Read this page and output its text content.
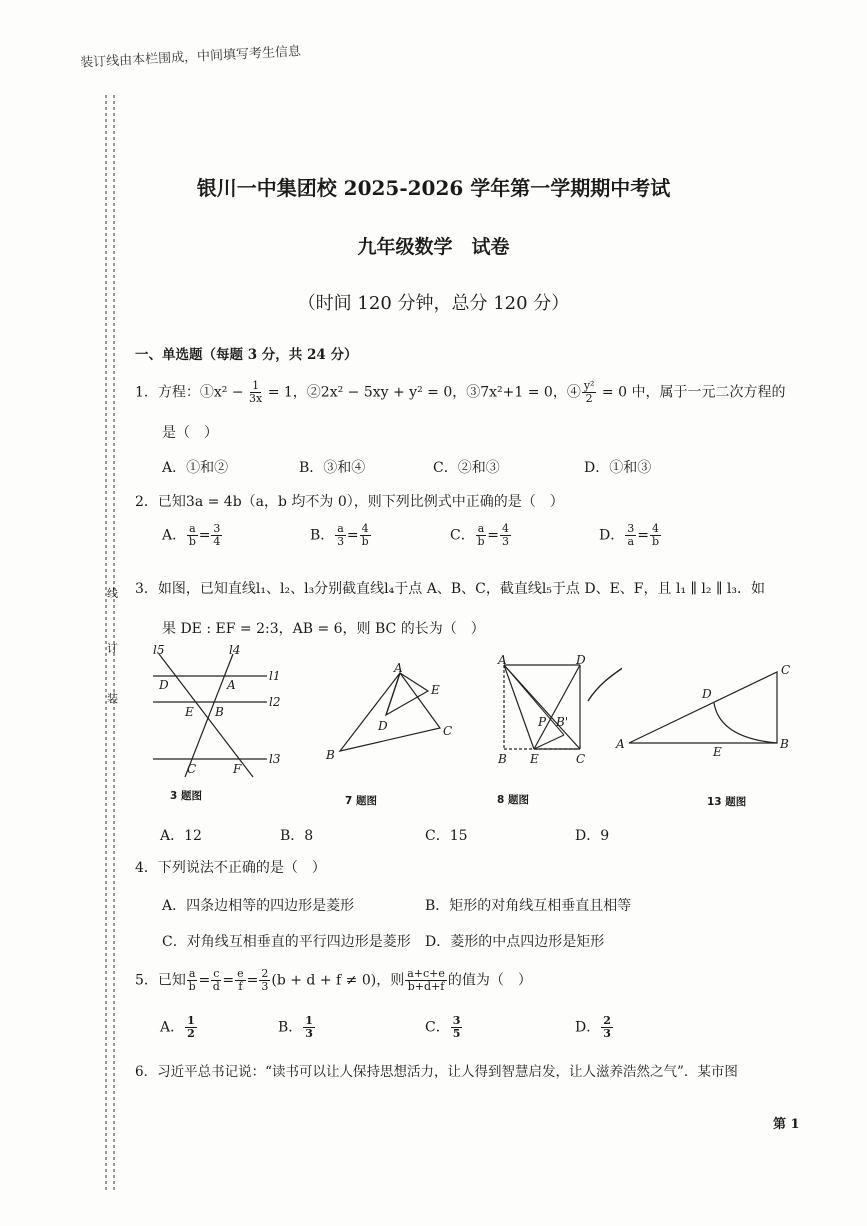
装订线由本栏围成，中间填写考生信息
线
订
装
银川一中集团校 2025-2026 学年第一学期期中考试
九年级数学　试卷
（时间 120 分钟，总分 120 分）
一、单选题（每题 3 分，共 24 分）
1．方程：①x² − $\frac{1}{3x} = 1$，②2x² − 5xy + y² = 0，③7x²+1 = 0，④ $\frac{\text{y²}}{2} = 0$ 中，属于一元二次方程的
是（　）
A．①和②	B．③和④	C．②和③	D．①和③
2．已知3a = 4b（a，b 均不为 0），则下列比例式中正确的是（　）
A． $\frac{a}{b} = \frac{3}{4}$	B． $\frac{a}{3} = \frac{4}{b}$	C． $\frac{a}{b} = \frac{4}{3}$	D． $\frac{3}{a} = \frac{4}{b}$
3．如图，已知直线l₁、l₂、l₃分别截直线l₄于点 A、B、C，截直线l₅于点 D、E、F，且 l₁ ∥ l₂ ∥ l₃．如
果 DE : EF = 2:3，AB = 6，则 BC 的长为（　）
l5	l4
l1
l2
l3
D	A
E B
C	F
3 题图
A
E
D
B
C
7 题图
A	D
P B'
B E	C
8 题图
C
D
A
E
B
13 题图
A．12	B．8	C．15	D．9
4．下列说法不正确的是（　）
A．四条边相等的四边形是菱形	B．矩形的对角线互相垂直且相等
C．对角线互相垂直的平行四边形是菱形 D．菱形的中点四边形是矩形
5．已知 $\frac{a}{b} = \frac{c}{d} = \frac{e}{f} = \frac{2}{3} (b + d + f \ne 0)$，则 $\frac{a+c+e}{b+d+f}$ 的值为（　）
A． $\frac{1}{2}$	B． $\frac{1}{3}$	C． $\frac{3}{5}$	D． $\frac{2}{3}$
6．习近平总书记说：“读书可以让人保持思想活力，让人得到智慧启发，让人滋养浩然之气”．某市图
第 1
